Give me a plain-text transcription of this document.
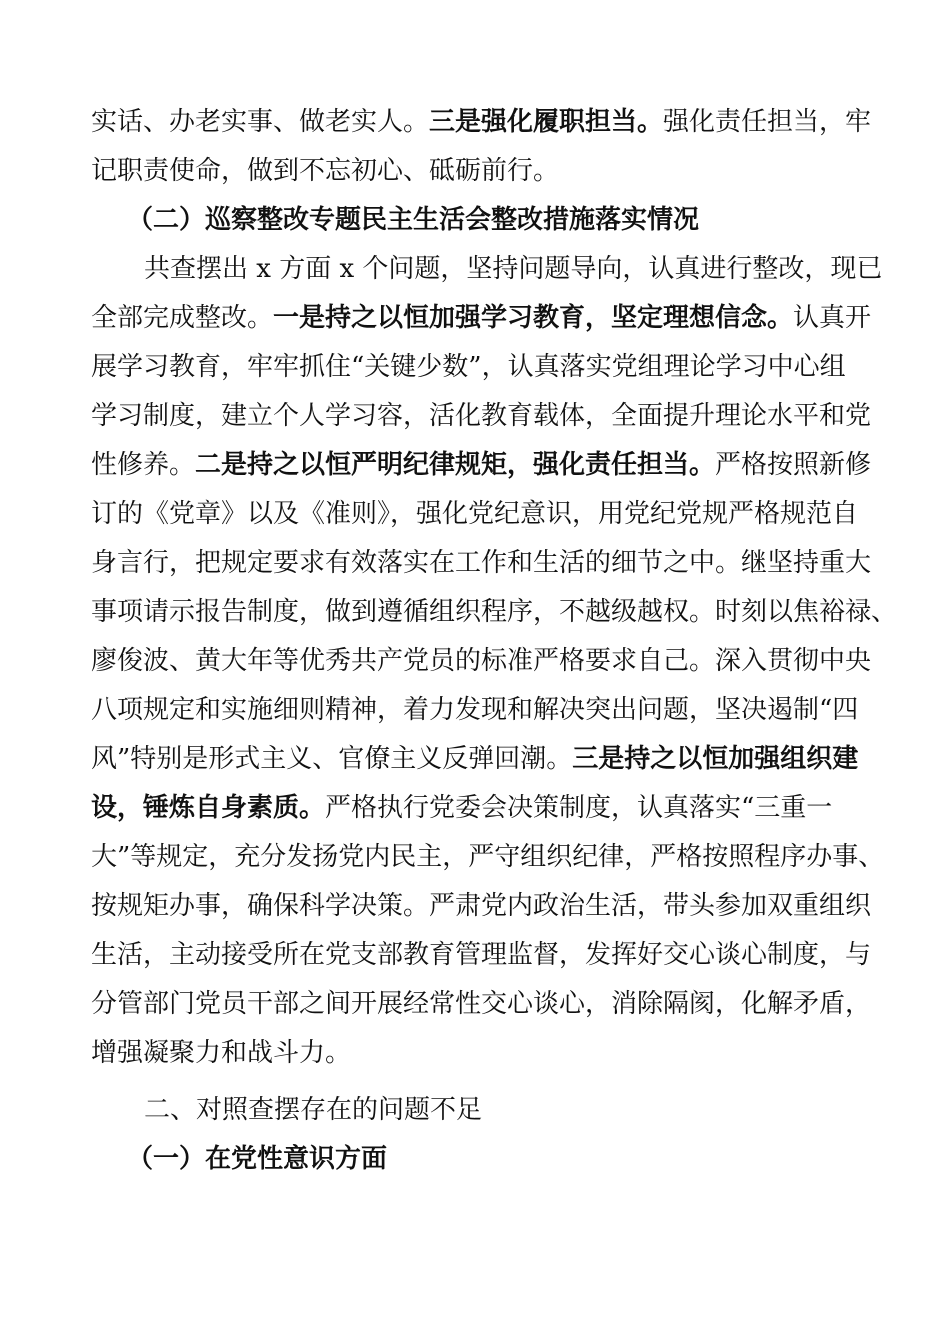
实话、办老实事、做老实人。三是强化履职担当。强化责任担当，牢
记职责使命，做到不忘初心、砥砺前行。
（二）巡察整改专题民主生活会整改措施落实情况
共查摆出 x 方面 x 个问题，坚持问题导向，认真进行整改，现已
全部完成整改。一是持之以恒加强学习教育，坚定理想信念。认真开
展学习教育，牢牢抓住“关键少数”，认真落实党组理论学习中心组
学习制度，建立个人学习容，活化教育载体，全面提升理论水平和党
性修养。二是持之以恒严明纪律规矩，强化责任担当。严格按照新修
订的《党章》以及《准则》，强化党纪意识，用党纪党规严格规范自
身言行，把规定要求有效落实在工作和生活的细节之中。继坚持重大
事项请示报告制度，做到遵循组织程序，不越级越权。时刻以焦裕禄、
廖俊波、黄大年等优秀共产党员的标准严格要求自己。深入贯彻中央
八项规定和实施细则精神，着力发现和解决突出问题，坚决遏制“四
风”特别是形式主义、官僚主义反弹回潮。三是持之以恒加强组织建
设，锤炼自身素质。严格执行党委会决策制度，认真落实“三重一
大”等规定，充分发扬党内民主，严守组织纪律，严格按照程序办事、
按规矩办事，确保科学决策。严肃党内政治生活，带头参加双重组织
生活，主动接受所在党支部教育管理监督，发挥好交心谈心制度，与
分管部门党员干部之间开展经常性交心谈心，消除隔阂，化解矛盾，
增强凝聚力和战斗力。
二、对照查摆存在的问题不足
（一）在党性意识方面
